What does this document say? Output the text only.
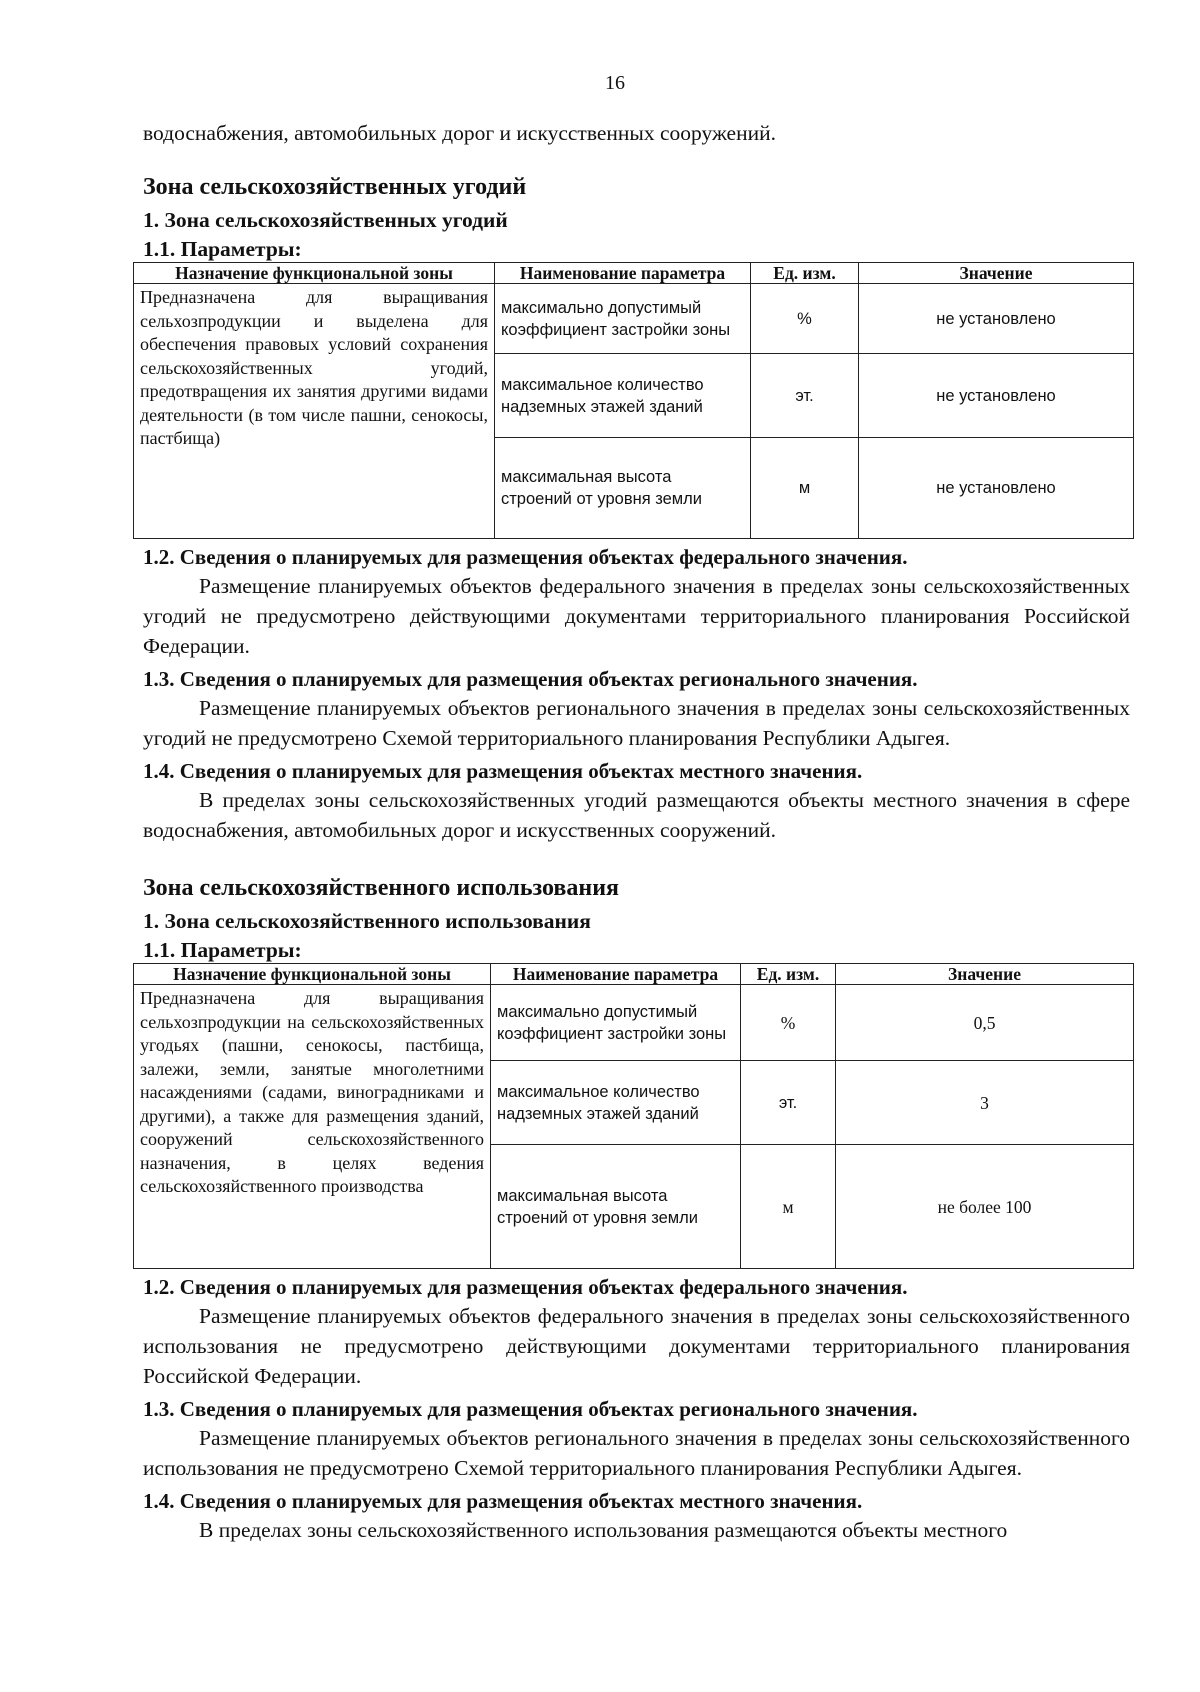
16

водоснабжения, автомобильных дорог и искусственных сооружений.

Зона сельскохозяйственных угодий

1. Зона сельскохозяйственных угодий

1.1. Параметры:

Назначение функциональной зоны	Наименование параметра	Ед. изм.	Значение
Предназначена для выращивания сельхозпродукции и выделена для обеспечения правовых условий сохранения сельскохозяйственных угодий, предотвращения их занятия другими видами деятельности (в том числе пашни, сенокосы, пастбища)	максимально допустимый коэффициент застройки зоны	%	не установлено
	максимальное количество надземных этажей зданий	эт.	не установлено
	максимальная высота строений от уровня земли	м	не установлено

1.2. Сведения о планируемых для размещения объектах федерального значения.

Размещение планируемых объектов федерального значения в пределах зоны сельскохозяйственных угодий не предусмотрено действующими документами территориального планирования Российской Федерации.

1.3. Сведения о планируемых для размещения объектах регионального значения.

Размещение планируемых объектов регионального значения в пределах зоны сельскохозяйственных угодий не предусмотрено Схемой территориального планирования Республики Адыгея.

1.4. Сведения о планируемых для размещения объектах местного значения.

В пределах зоны сельскохозяйственных угодий размещаются объекты местного значения в сфере водоснабжения, автомобильных дорог и искусственных сооружений.

Зона сельскохозяйственного использования

1. Зона сельскохозяйственного использования

1.1. Параметры:

Назначение функциональной зоны	Наименование параметра	Ед. изм.	Значение
Предназначена для выращивания сельхозпродукции на сельскохозяйственных угодьях (пашни, сенокосы, пастбища, залежи, земли, занятые многолетними насаждениями (садами, виноградниками и другими), а также для размещения зданий, сооружений сельскохозяйственного назначения, в целях ведения сельскохозяйственного производства	максимально допустимый коэффициент застройки зоны	%	0,5
	максимальное количество надземных этажей зданий	эт.	3
	максимальная высота строений от уровня земли	м	не более 100

1.2. Сведения о планируемых для размещения объектах федерального значения.

Размещение планируемых объектов федерального значения в пределах зоны сельскохозяйственного использования не предусмотрено действующими документами территориального планирования Российской Федерации.

1.3. Сведения о планируемых для размещения объектах регионального значения.

Размещение планируемых объектов регионального значения в пределах зоны сельскохозяйственного использования не предусмотрено Схемой территориального планирования Республики Адыгея.

1.4. Сведения о планируемых для размещения объектах местного значения.

В пределах зоны сельскохозяйственного использования размещаются объекты местного
